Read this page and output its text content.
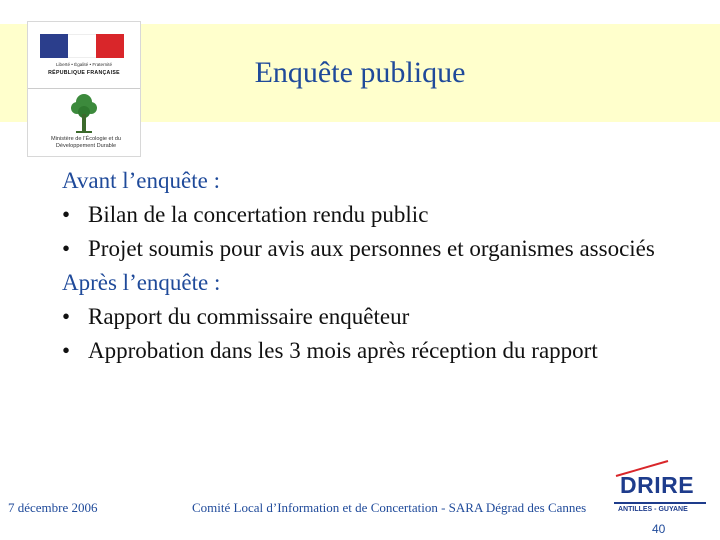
Liberté • Égalité • Fraternité
RÉPUBLIQUE FRANÇAISE
Ministère de l’Écologie et du Développement Durable
Enquête publique
Avant l’enquête :
• Bilan de la concertation rendu public
• Projet soumis pour avis aux personnes et organismes associés
Après l’enquête :
• Rapport du commissaire enquêteur
• Approbation dans les 3 mois après réception du rapport
7 décembre 2006	Comité Local d’Information et de Concertation - SARA Dégrad des Cannes
DRIRE
ANTILLES - GUYANE
40
